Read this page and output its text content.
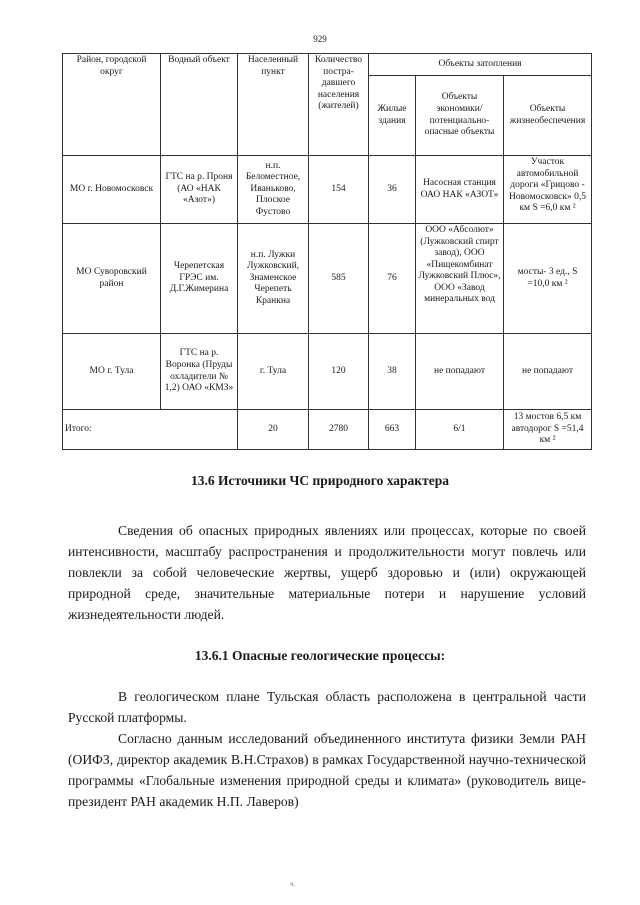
929
Район, городской округ	Водный объект	Населенный пункт	Количество постра-давшего населения (жителей)	Объекты затопления		
				Жилые здания	Объекты экономики/ потенциально-опасные объекты	Объекты жизнеобеспечения
МО г. Новомосковск	ГТС на р. Проня (АО «НАК «Азот»)	н.п. Беломестное, Иваньково, Плоское Фустово	154	36	Насосная станция ОАО НАК «АЗОТ»	Участок автомобильной дороги «Грицово - Новомосковск» 0,5 км S =6,0 км ²

МО Суворовский район	Черепетская ГРЭС им. Д.Г.Жимерина	н.п. Лужки Лужковский, Знаменское Черепеть Кранкна	585	76	ООО «Абсолют» (Лужковский спирт завод), ООО «Пищекомбинат Лужковский Плюс», ООО «Завод минеральных вод	мосты- 3 ед., S =10,0 км ²
МО г. Тула	ГТС на р. Воронка (Пруды охладители № 1,2) ОАО «КМЗ»	г. Тула	120	38	не попадают	не попадают
Итого:		20	2780	663	6/1	13 мостов 6,5 км автодорог S =51,4 км ²
13.6 Источники ЧС природного характера

Сведения об опасных природных явлениях или процессах, которые по своей интенсивности, масштабу распространения и продолжительности могут повлечь или повлекли за собой человеческие жертвы, ущерб здоровью и (или) окружающей природной среде, значительные материальные потери и нарушение условий жизнедеятельности людей.

13.6.1 Опасные геологические процессы:

В геологическом плане Тульская область расположена в центральной части Русской платформы.

Согласно данным исследований объединенного института физики Земли РАН (ОИФЗ, директор академик В.Н.Страхов) в рамках Государственной научно-технической программы «Глобальные изменения природной среды и климата» (руководитель вице-президент РАН академик Н.П. Лаверов)

ч.
